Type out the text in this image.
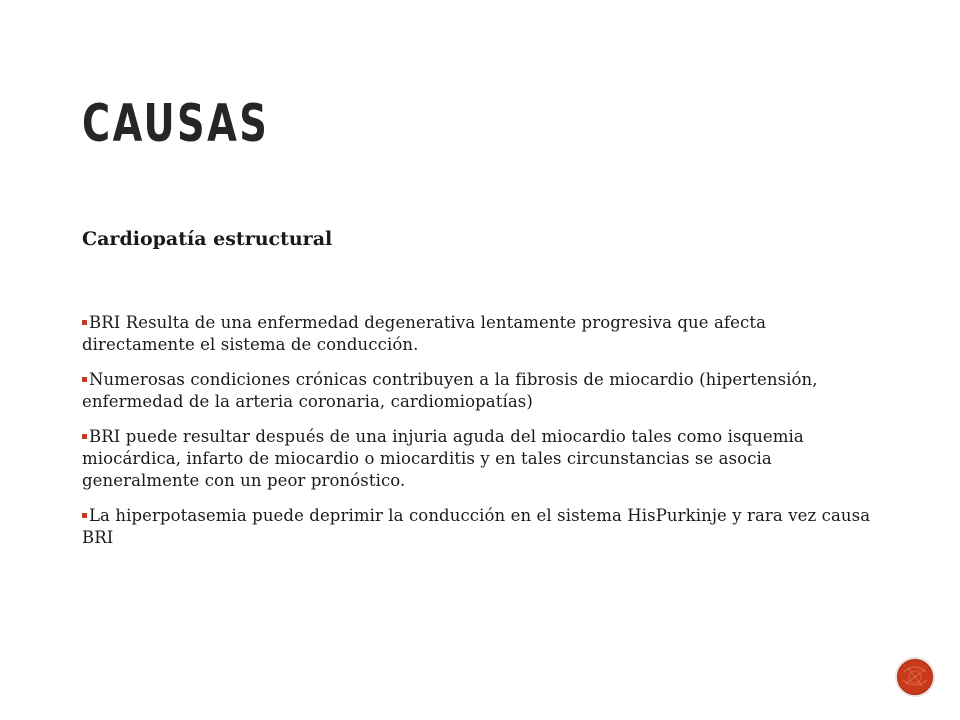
CAUSAS
Cardiopatía estructural
BRI Resulta de una enfermedad degenerativa lentamente progresiva que afecta directamente el sistema de conducción.
Numerosas condiciones crónicas contribuyen a la fibrosis de miocardio (hipertensión, enfermedad de la arteria coronaria, cardiomiopatías)
BRI puede resultar después de una injuria aguda del miocardio tales como isquemia miocárdica, infarto de miocardio o miocarditis y en tales circunstancias se asocia generalmente con un peor pronóstico.
La hiperpotasemia puede deprimir la conducción en el sistema HisPurkinje y rara vez causa BRI
